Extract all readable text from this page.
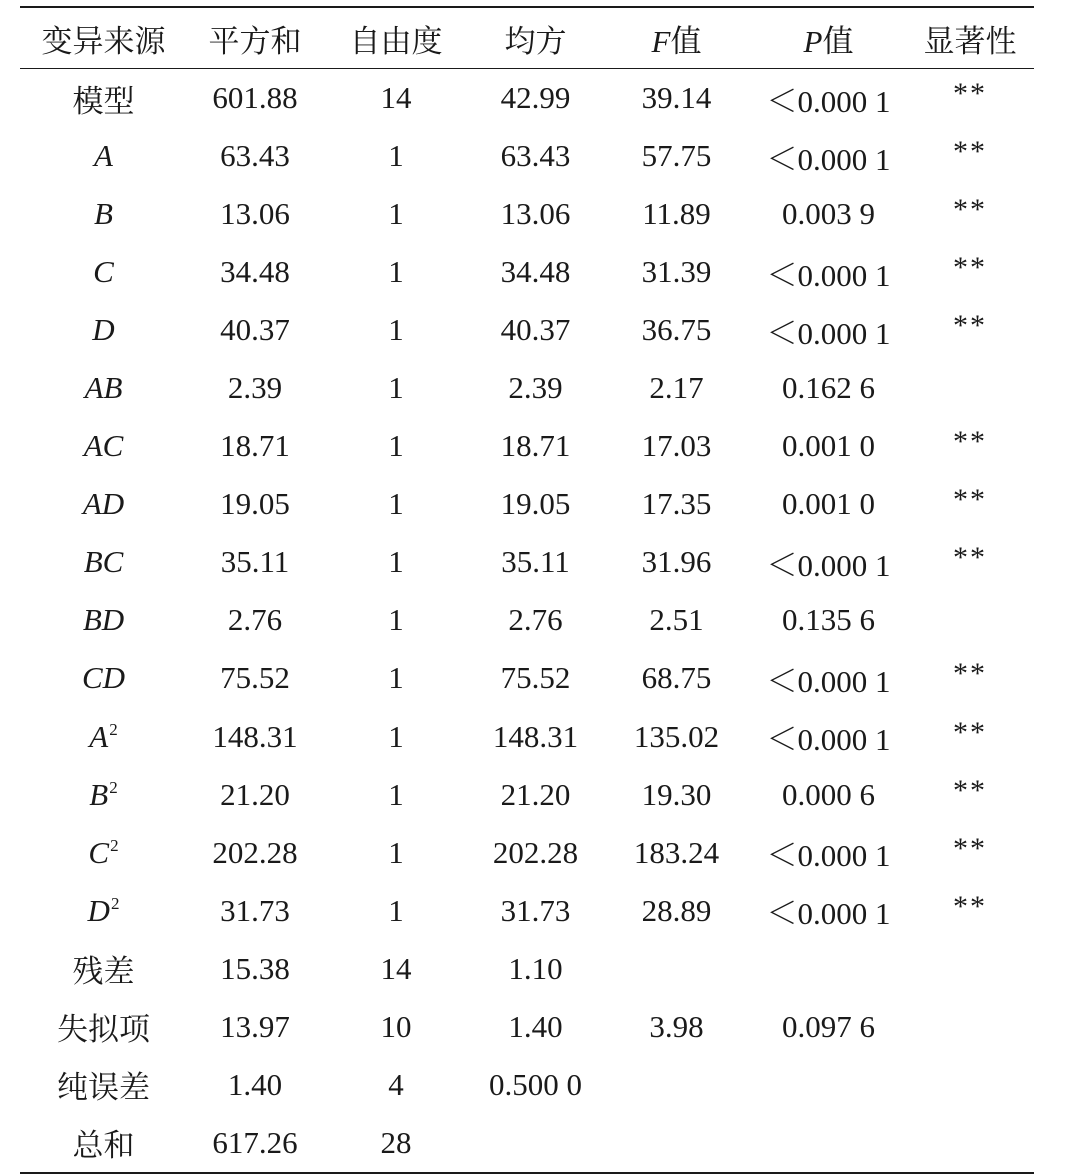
变异来源	平方和	自由度	均方	F值	P值	显著性
模型	601.88	14	42.99	39.14	＜0.000 1	**
A	63.43	1	63.43	57.75	＜0.000 1	**
B	13.06	1	13.06	11.89	0.003 9	**
C	34.48	1	34.48	31.39	＜0.000 1	**
D	40.37	1	40.37	36.75	＜0.000 1	**
AB	2.39	1	2.39	2.17	0.162 6	
AC	18.71	1	18.71	17.03	0.001 0	**
AD	19.05	1	19.05	17.35	0.001 0	**
BC	35.11	1	35.11	31.96	＜0.000 1	**
BD	2.76	1	2.76	2.51	0.135 6	
CD	75.52	1	75.52	68.75	＜0.000 1	**
$A^2$	148.31	1	148.31	135.02	＜0.000 1	**
$B^2$	21.20	1	21.20	19.30	0.000 6	**
$C^2$	202.28	1	202.28	183.24	＜0.000 1	**
$D^2$	31.73	1	31.73	28.89	＜0.000 1	**
残差	15.38	14	1.10			
失拟项	13.97	10	1.40	3.98	0.097 6	
纯误差	1.40	4	0.500 0			
总和	617.26	28				
